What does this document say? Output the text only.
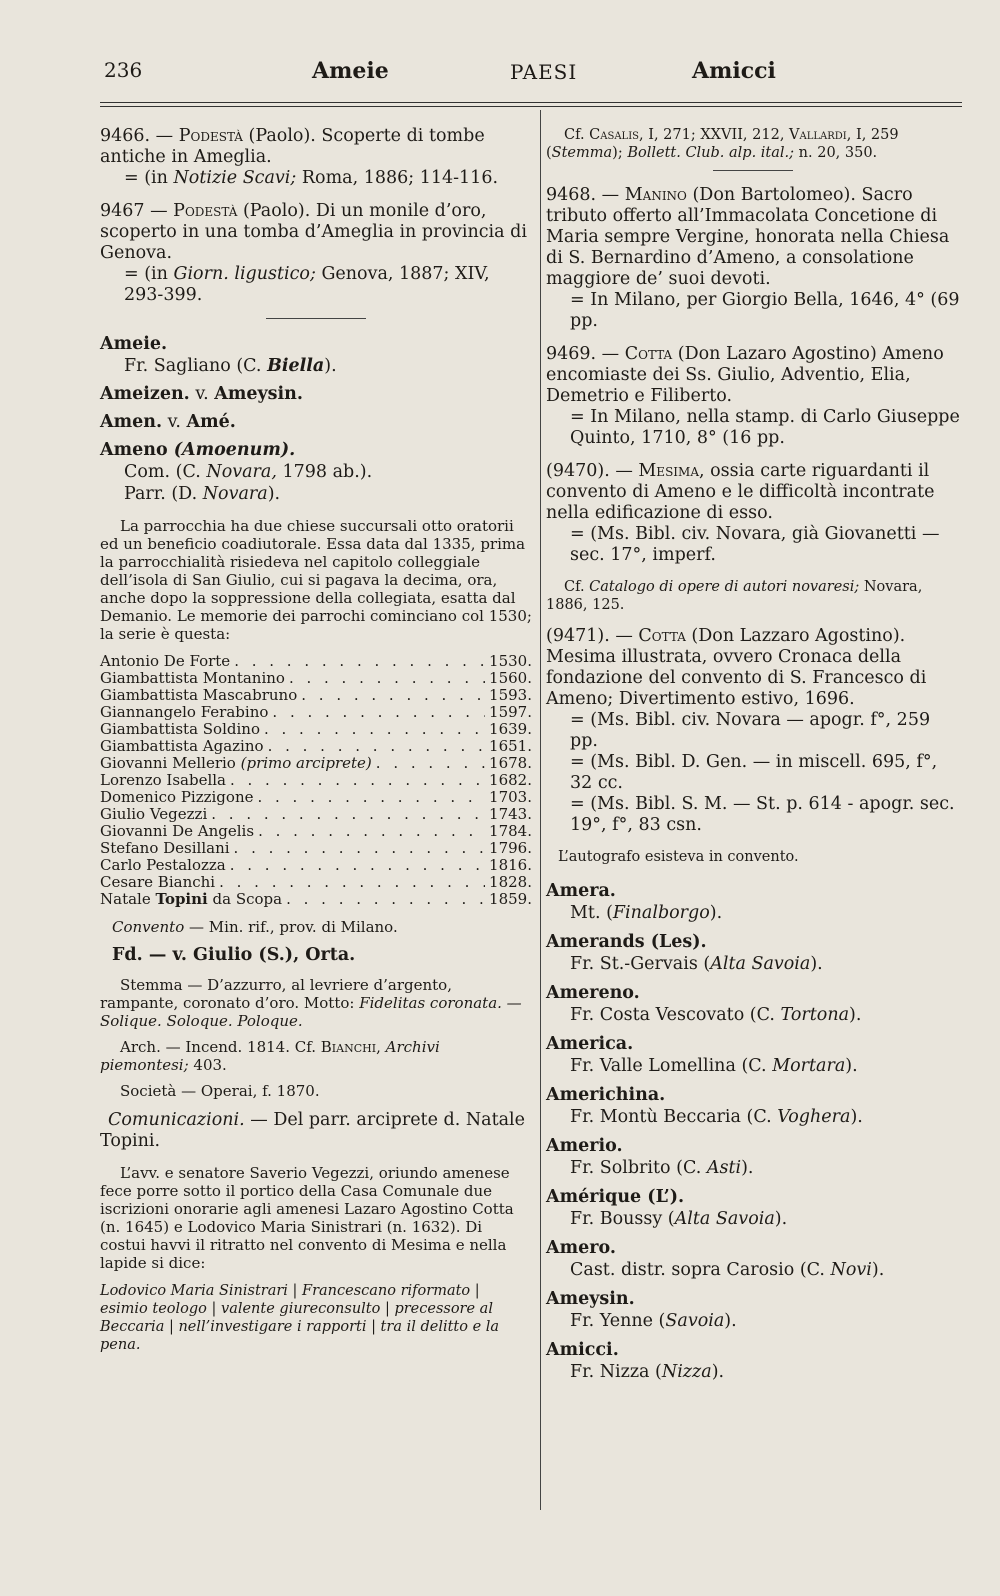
236	Ameie	PAESI	Amicci

9466. — Podestà (Paolo). Scoperte di tombe antiche in Ameglia.
= (in Notizie Scavi; Roma, 1886; 114-116.

9467 — Podestà (Paolo). Di un monile d’oro, scoperto in una tomba d’Ameglia in provincia di Genova.
= (in Giorn. ligustico; Genova, 1887; XIV, 293-399.

Ameie.

Fr. Sagliano (C. Biella).

Ameizen. v. Ameysin.

Amen. v. Amé.

Ameno (Amoenum).

Com. (C. Novara, 1798 ab.).

Parr. (D. Novara).

La parrocchia ha due chiese succursali otto oratorii ed un beneficio coadiutorale. Essa data dal 1335, prima la parrocchialità risiedeva nel capitolo colleggiale dell’isola di San Giulio, cui si pagava la decima, ora, anche dopo la soppressione della collegiata, esatta dal Demanio. Le memorie dei parrochi cominciano col 1530; la serie è questa:

Antonio De Forte . . .	1530.
Giambattista Montanino . . .	1560.
Giambattista Mascabruno . . .	1593.
Giannangelo Ferabino . . .	1597.
Giambattista Soldino . . .	1639.
Giambattista Agazino . . .	1651.
Giovanni Mellerio (primo arciprete) . . .	1678.
Lorenzo Isabella . . .	1682.
Domenico Pizzigone . . .	1703.
Giulio Vegezzi . . .	1743.
Giovanni De Angelis . . .	1784.
Stefano Desillani . . .	1796.
Carlo Pestalozza . . .	1816.
Cesare Bianchi . . .	1828.
Natale Topini da Scopa . . .	1859.

Convento — Min. rif., prov. di Milano.

Fd. — v. Giulio (S.), Orta.

Stemma — D’azzurro, al levriere d’argento, rampante, coronato d’oro. Motto: Fidelitas coronata. — Solique. Soloque. Poloque.

Arch. — Incend. 1814. Cf. Bianchi, Archivi piemontesi; 403.

Società — Operai, f. 1870.

Comunicazioni. — Del parr. arciprete d. Natale Topini.

L’avv. e senatore Saverio Vegezzi, oriundo amenese fece porre sotto il portico della Casa Comunale due iscrizioni onorarie agli amenesi Lazaro Agostino Cotta (n. 1645) e Lodovico Maria Sinistrari (n. 1632). Di costui havvi il ritratto nel convento di Mesima e nella lapide si dice:

Lodovico Maria Sinistrari | Francescano riformato | esimio teologo | valente giureconsulto | precessore al Beccaria | nell’investigare i rapporti | tra il delitto e la pena.

Cf. Casalis, I, 271; XXVII, 212, Vallardi, I, 259 (Stemma); Bollett. Club. alp. ital.; n. 20, 350.

9468. — Manino (Don Bartolomeo). Sacro tributo offerto all’Immacolata Concetione di Maria sempre Vergine, honorata nella Chiesa di S. Bernardino d’Ameno, a consolatione maggiore de’ suoi devoti.
= In Milano, per Giorgio Bella, 1646, 4° (69 pp.

9469. — Cotta (Don Lazaro Agostino) Ameno encomiaste dei Ss. Giulio, Adventio, Elia, Demetrio e Filiberto.
= In Milano, nella stamp. di Carlo Giuseppe Quinto, 1710, 8° (16 pp.

(9470). — Mesima, ossia carte riguardanti il convento di Ameno e le difficoltà incontrate nella edificazione di esso.
= (Ms. Bibl. civ. Novara, già Giovanetti — sec. 17°, imperf.

Cf. Catalogo di opere di autori novaresi; Novara, 1886, 125.

(9471). — Cotta (Don Lazzaro Agostino). Mesima illustrata, ovvero Cronaca della fondazione del convento di S. Francesco di Ameno; Divertimento estivo, 1696.
= (Ms. Bibl. civ. Novara — apogr. f°, 259 pp.
= (Ms. Bibl. D. Gen. — in miscell. 695, f°, 32 cc.
= (Ms. Bibl. S. M. — St. p. 614 - apogr. sec. 19°, f°, 83 csn.

L’autografo esisteva in convento.

Amera.

Mt. (Finalborgo).

Amerands (Les).

Fr. St.-Gervais (Alta Savoia).

Amereno.

Fr. Costa Vescovato (C. Tortona).

America.

Fr. Valle Lomellina (C. Mortara).

Americhina.

Fr. Montù Beccaria (C. Voghera).

Amerio.

Fr. Solbrito (C. Asti).

Amérique (L’).

Fr. Boussy (Alta Savoia).

Amero.

Cast. distr. sopra Carosio (C. Novi).

Ameysin.

Fr. Yenne (Savoia).

Amicci.

Fr. Nizza (Nizza).
